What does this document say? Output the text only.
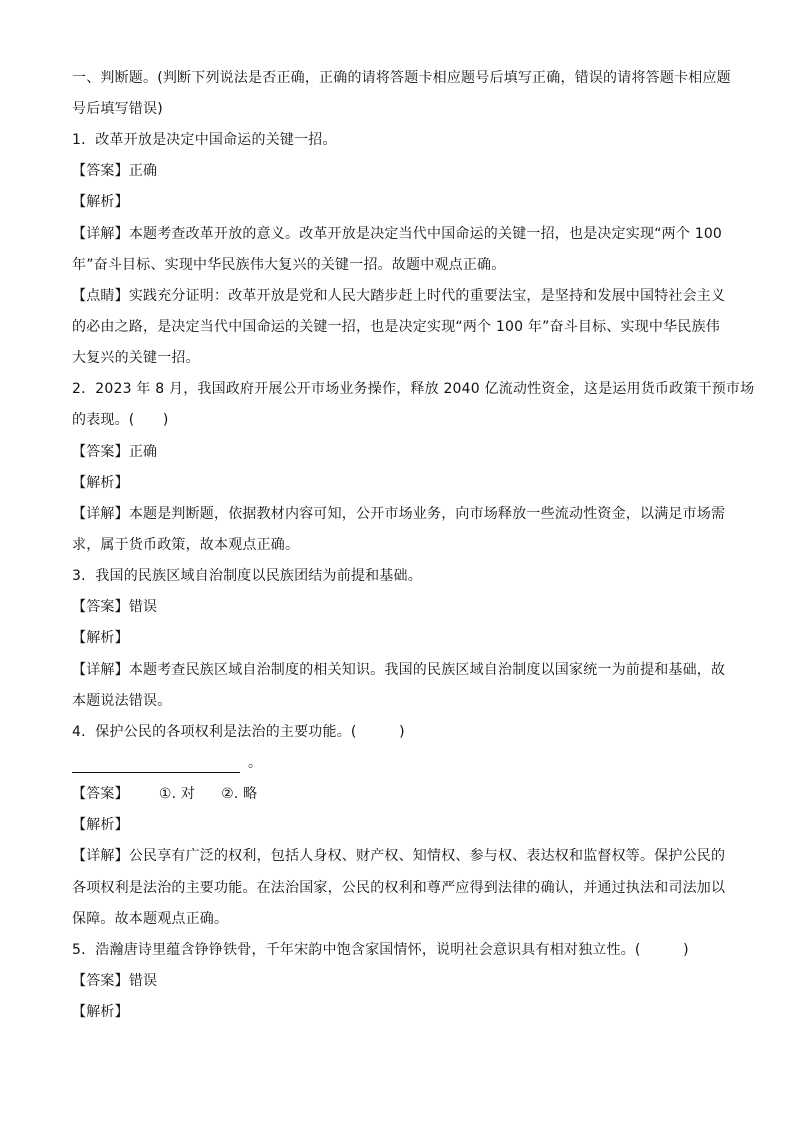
一、判断题。(判断下列说法是否正确，正确的请将答题卡相应题号后填写正确，错误的请将答题卡相应题
号后填写错误)
1．改革开放是决定中国命运的关键一招。
【答案】正确
【解析】
【详解】本题考查改革开放的意义。改革开放是决定当代中国命运的关键一招，也是决定实现“两个 100
年”奋斗目标、实现中华民族伟大复兴的关键一招。故题中观点正确。
【点睛】实践充分证明：改革开放是党和人民大踏步赶上时代的重要法宝，是坚持和发展中国特社会主义
的必由之路，是决定当代中国命运的关键一招，也是决定实现“两个 100 年”奋斗目标、实现中华民族伟
大复兴的关键一招。
2．2023 年 8 月，我国政府开展公开市场业务操作，释放 2040 亿流动性资金，这是运用货币政策干预市场
的表现。(　　)
【答案】正确
【解析】
【详解】本题是判断题，依据教材内容可知，公开市场业务，向市场释放一些流动性资金，以满足市场需
求，属于货币政策，故本观点正确。
3．我国的民族区域自治制度以民族团结为前提和基础。
【答案】错误
【解析】
【详解】本题考查民族区域自治制度的相关知识。我国的民族区域自治制度以国家统一为前提和基础，故
本题说法错误。
4．保护公民的各项权利是法治的主要功能。(　　　)
。
【答案】 ①. 对 ②. 略
【解析】
【详解】公民享有广泛的权利，包括人身权、财产权、知情权、参与权、表达权和监督权等。保护公民的
各项权利是法治的主要功能。在法治国家，公民的权利和尊严应得到法律的确认，并通过执法和司法加以
保障。故本题观点正确。
5．浩瀚唐诗里蕴含铮铮铁骨，千年宋韵中饱含家国情怀，说明社会意识具有相对独立性。(　　　)
【答案】错误
【解析】
